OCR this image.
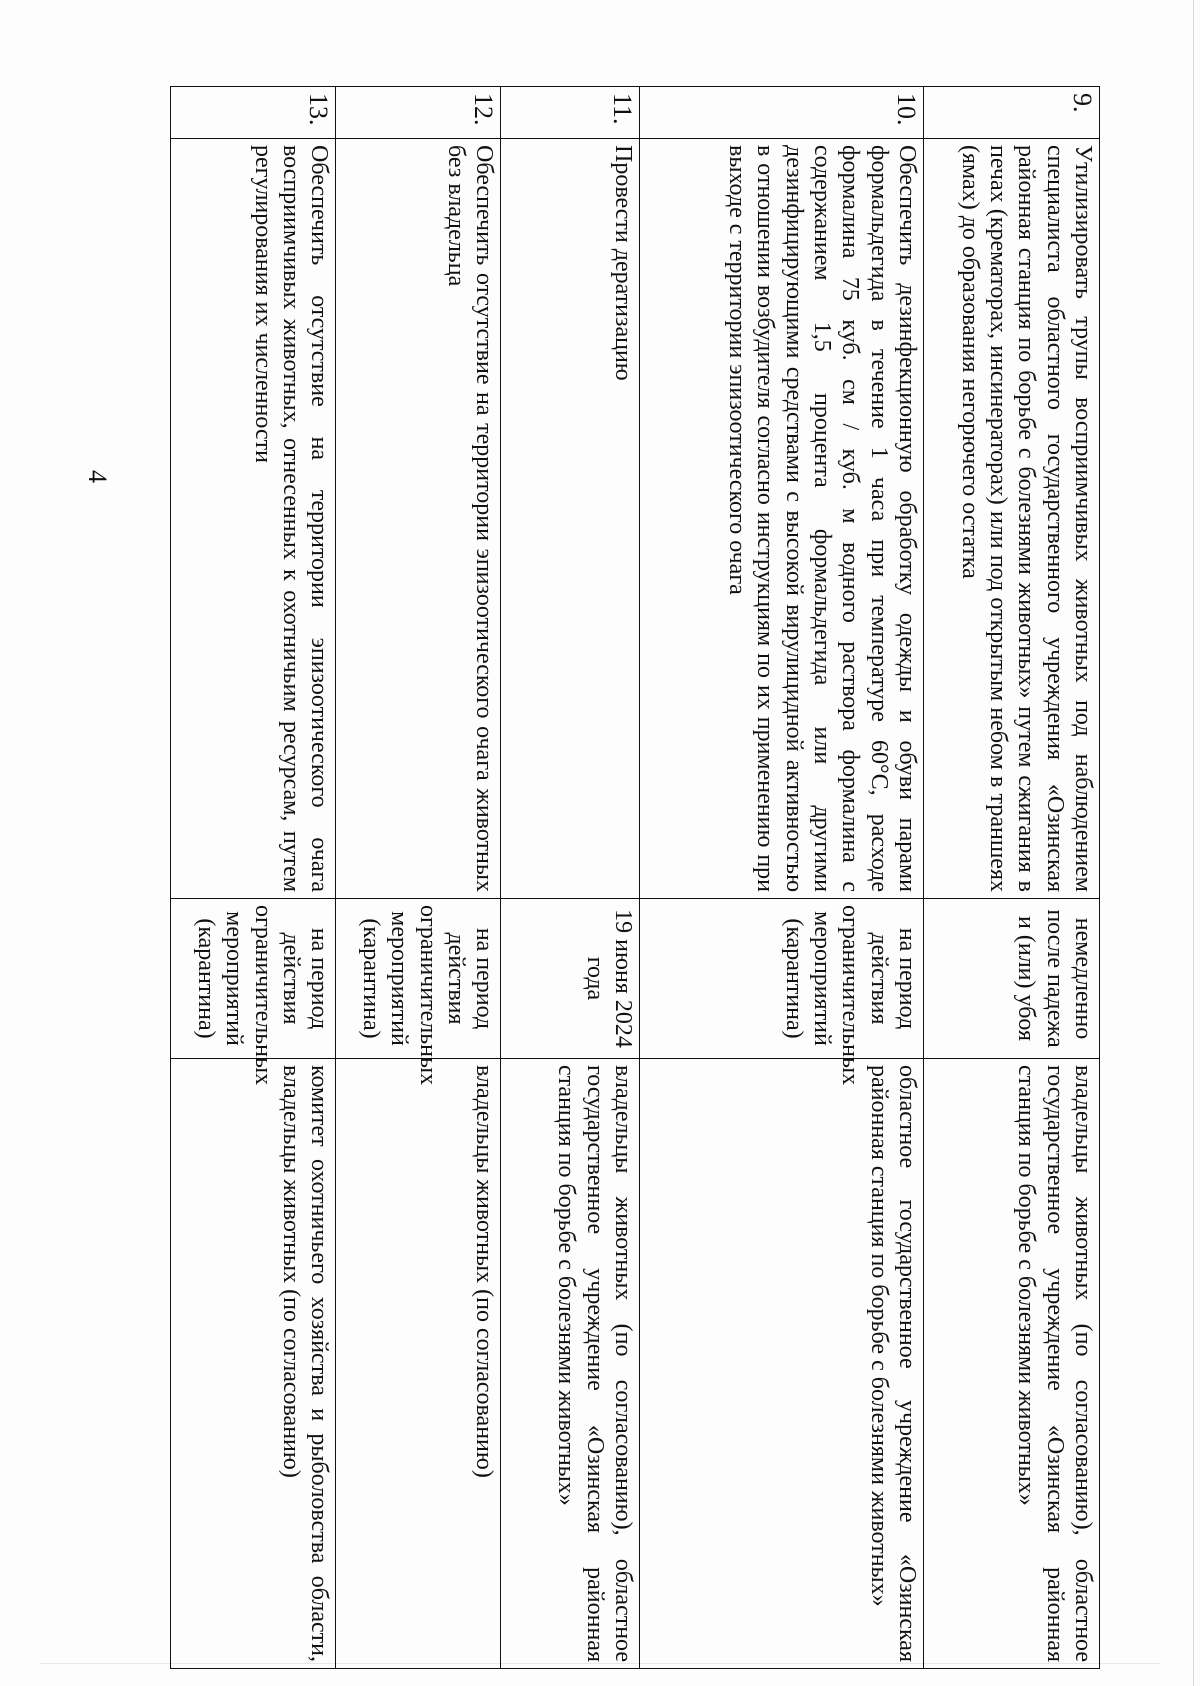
4
9.	Утилизировать трупы восприимчивых животных под наблюдением специалиста областного государственного учреждения «Озинская районная станция по борьбе с болезнями животных» путем сжигания в печах (крематорах, инсинераторах) или под открытым небом в траншеях (ямах) до образования негорючего остатка	немедленно после падежа и (или) убоя	владельцы животных (по согласованию), областное государственное учреждение «Озинская районная станция по борьбе с болезнями животных»
10.	Обеспечить дезинфекционную обработку одежды и обуви парами формальдегида в течение 1 часа при температуре 60°С, расходе формалина 75 куб. см / куб. м водного раствора формалина с содержанием 1,5 процента формальдегида или другими дезинфицирующими средствами с высокой вирулицидной активностью в отношении возбудителя согласно инструкциям по их применению при выходе с территории эпизоотического очага	на период действия ограничительных мероприятий (карантина)	областное государственное учреждение «Озинская районная станция по борьбе с болезнями животных»
11.	Провести дератизацию	19 июня 2024 года	владельцы животных (по согласованию), областное государственное учреждение «Озинская районная станция по борьбе с болезнями животных»
12.	Обеспечить отсутствие на территории эпизоотического очага животных без владельца	на период действия ограничительных мероприятий (карантина)	владельцы животных (по согласованию)
13.	Обеспечить отсутствие на территории эпизоотического очага восприимчивых животных, отнесенных к охотничьим ресурсам, путем регулирования их численности	на период действия ограничительных мероприятий (карантина)	комитет охотничьего хозяйства и рыболовства области, владельцы животных (по согласованию)
